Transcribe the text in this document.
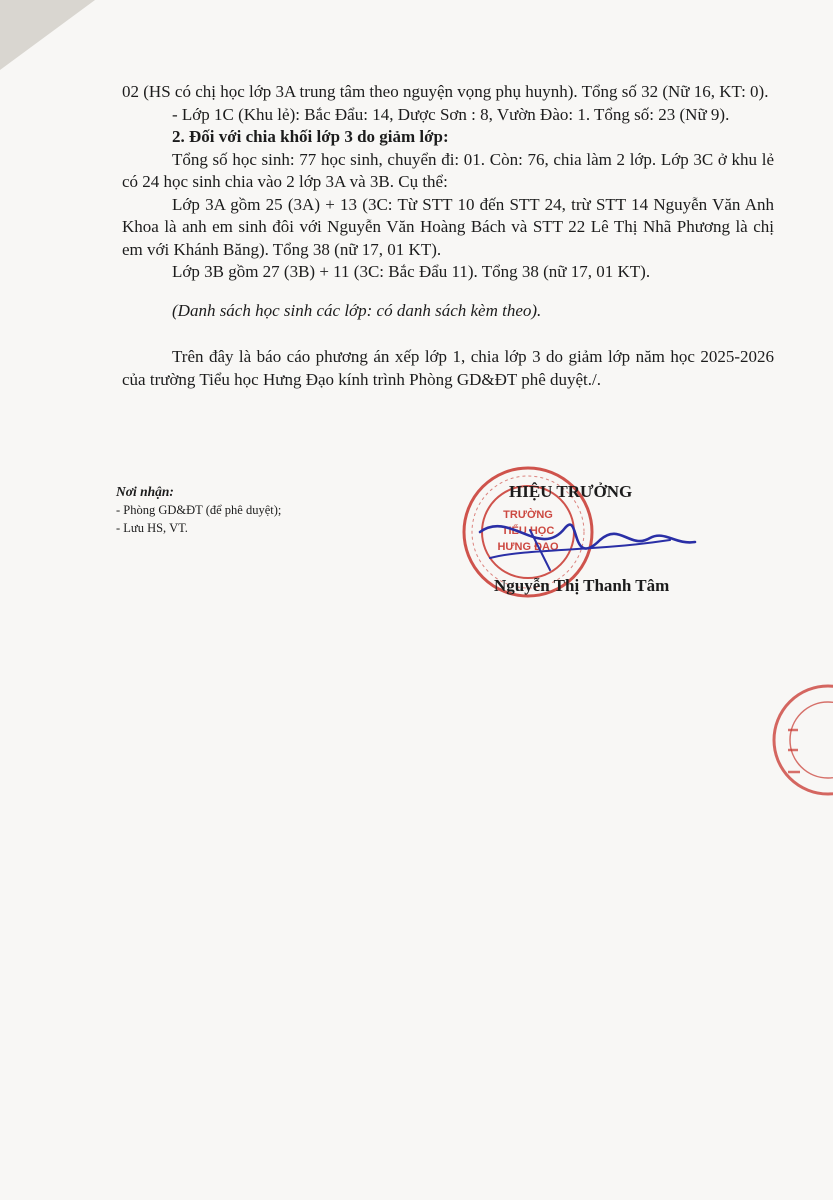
02 (HS có chị học lớp 3A trung tâm theo nguyện vọng phụ huynh). Tổng số 32 (Nữ 16, KT: 0).

- Lớp 1C (Khu lẻ): Bắc Đẩu: 14, Dược Sơn : 8, Vườn Đào: 1. Tổng số: 23 (Nữ 9).

2. Đối với chia khối lớp 3 do giảm lớp:

Tổng số học sinh: 77 học sinh, chuyển đi: 01. Còn: 76, chia làm 2 lớp. Lớp 3C ở khu lẻ có 24 học sinh chia vào 2 lớp 3A và 3B. Cụ thể:

Lớp 3A gồm 25 (3A) + 13 (3C: Từ STT 10 đến STT 24, trừ STT 14 Nguyễn Văn Anh Khoa là anh em sinh đôi với Nguyễn Văn Hoàng Bách và STT 22 Lê Thị Nhã Phương là chị em với Khánh Băng). Tổng 38 (nữ 17, 01 KT).

Lớp 3B gồm 27 (3B) + 11 (3C: Bắc Đẩu 11). Tổng 38 (nữ 17, 01 KT).

(Danh sách học sinh các lớp: có danh sách kèm theo).

Trên đây là báo cáo phương án xếp lớp 1, chia lớp 3 do giảm lớp năm học 2025-2026 của trường Tiểu học Hưng Đạo kính trình Phòng GD&ĐT phê duyệt./.

Nơi nhận:

- Phòng GD&ĐT (để phê duyệt);

- Lưu HS, VT.

TRƯỜNG
TIỂU HỌC
HƯNG ĐẠO
HIỆU TRƯỞNG
Nguyễn Thị Thanh Tâm
